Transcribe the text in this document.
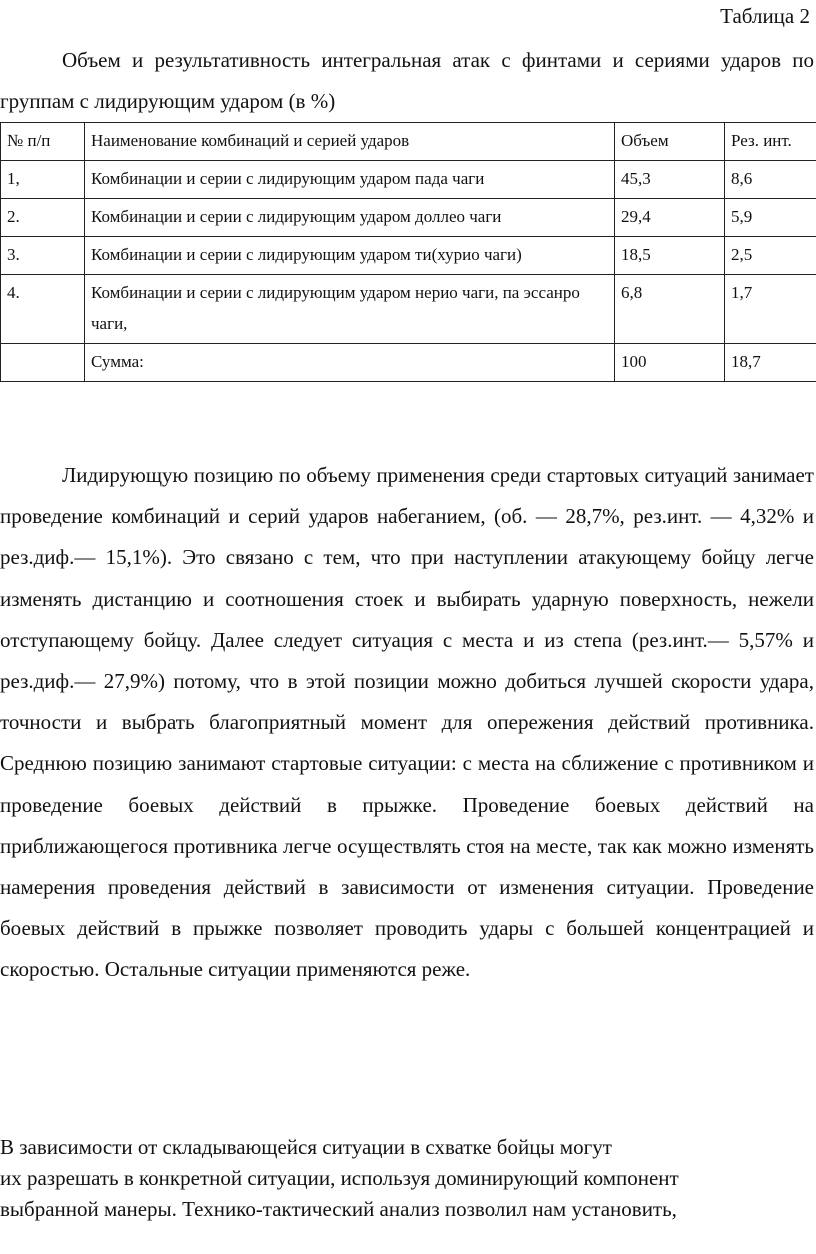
Таблица 2
Объем и результативность интегральная атак с финтами и сериями ударов по группам с лидирующим ударом (в %)
№ п/п	Наименование комбинаций и серией ударов	Объем	Рез. инт.
1,	Комбинации и серии с лидирующим ударом пада чаги	45,3	8,6
2.	Комбинации и серии с лидирующим ударом доллео чаги	29,4	5,9
3.	Комбинации и серии с лидирующим ударом ти(хурио чаги)	18,5	2,5
4.	Комбинации и серии с лидирующим ударом нерио чаги, па эссанро чаги,	6,8	1,7
	Сумма:	100	18,7

Лидирующую позицию по объему применения среди стартовых ситуаций занимает проведение комбинаций и серий ударов набеганием, (об. — 28,7%, рез.инт. — 4,32% и рез.диф.— 15,1%). Это связано с тем, что при наступлении атакующему бойцу легче изменять дистанцию и соотношения стоек и выбирать ударную поверхность, нежели отступающему бойцу. Далее следует ситуация с места и из степа (рез.инт.— 5,57% и рез.диф.— 27,9%) потому, что в этой позиции можно добиться лучшей скорости удара, точности и выбрать благоприятный момент для опережения действий противника. Среднюю позицию занимают стартовые ситуации: с места на сближение с противником и проведение боевых действий в прыжке. Проведение боевых действий на приближающегося противника легче осуществлять стоя на месте, так как можно изменять намерения проведения действий в зависимости от изменения ситуации. Проведение боевых действий в прыжке позволяет проводить удары с большей концентрацией и скоростью. Остальные ситуации применяются реже.

В зависимости от складывающейся ситуации в схватке бойцы могут
их разрешать в конкретной ситуации, используя доминирующий компонент
выбранной манеры. Технико-тактический анализ позволил нам установить,
